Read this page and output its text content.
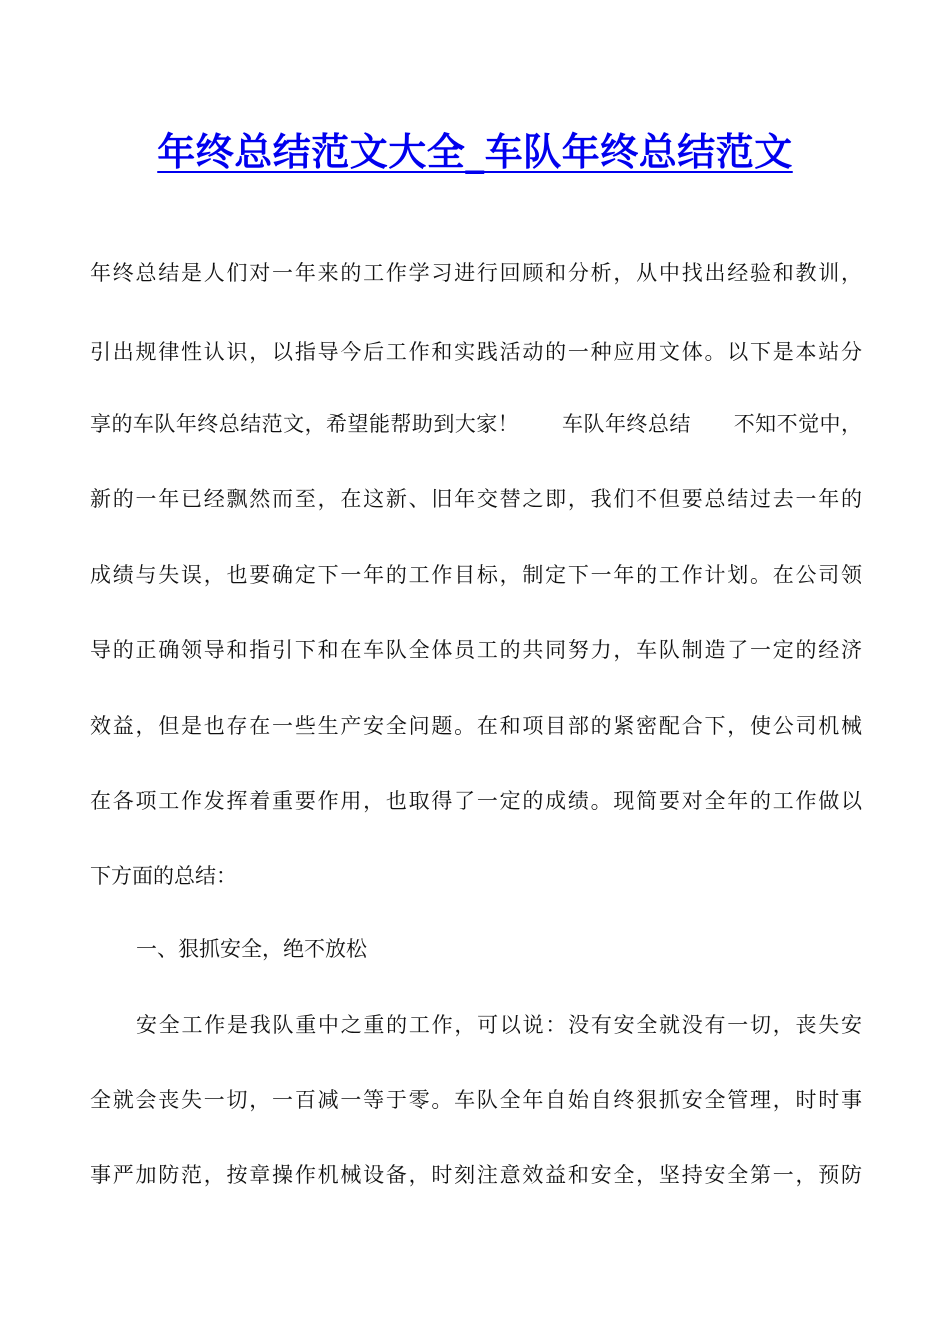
年终总结范文大全_车队年终总结范文

年终总结是人们对一年来的工作学习进行回顾和分析，从中找出经验和教训，

引出规律性认识，以指导今后工作和实践活动的一种应用文体。以下是本站分

享的车队年终总结范文，希望能帮助到大家！　　车队年终总结　　不知不觉中，

新的一年已经飘然而至，在这新、旧年交替之即，我们不但要总结过去一年的

成绩与失误，也要确定下一年的工作目标，制定下一年的工作计划。在公司领

导的正确领导和指引下和在车队全体员工的共同努力，车队制造了一定的经济

效益，但是也存在一些生产安全问题。在和项目部的紧密配合下，使公司机械

在各项工作发挥着重要作用，也取得了一定的成绩。现简要对全年的工作做以

下方面的总结：

一、狠抓安全，绝不放松

安全工作是我队重中之重的工作，可以说：没有安全就没有一切，丧失安

全就会丧失一切，一百减一等于零。车队全年自始自终狠抓安全管理，时时事

事严加防范，按章操作机械设备，时刻注意效益和安全，坚持安全第一，预防
